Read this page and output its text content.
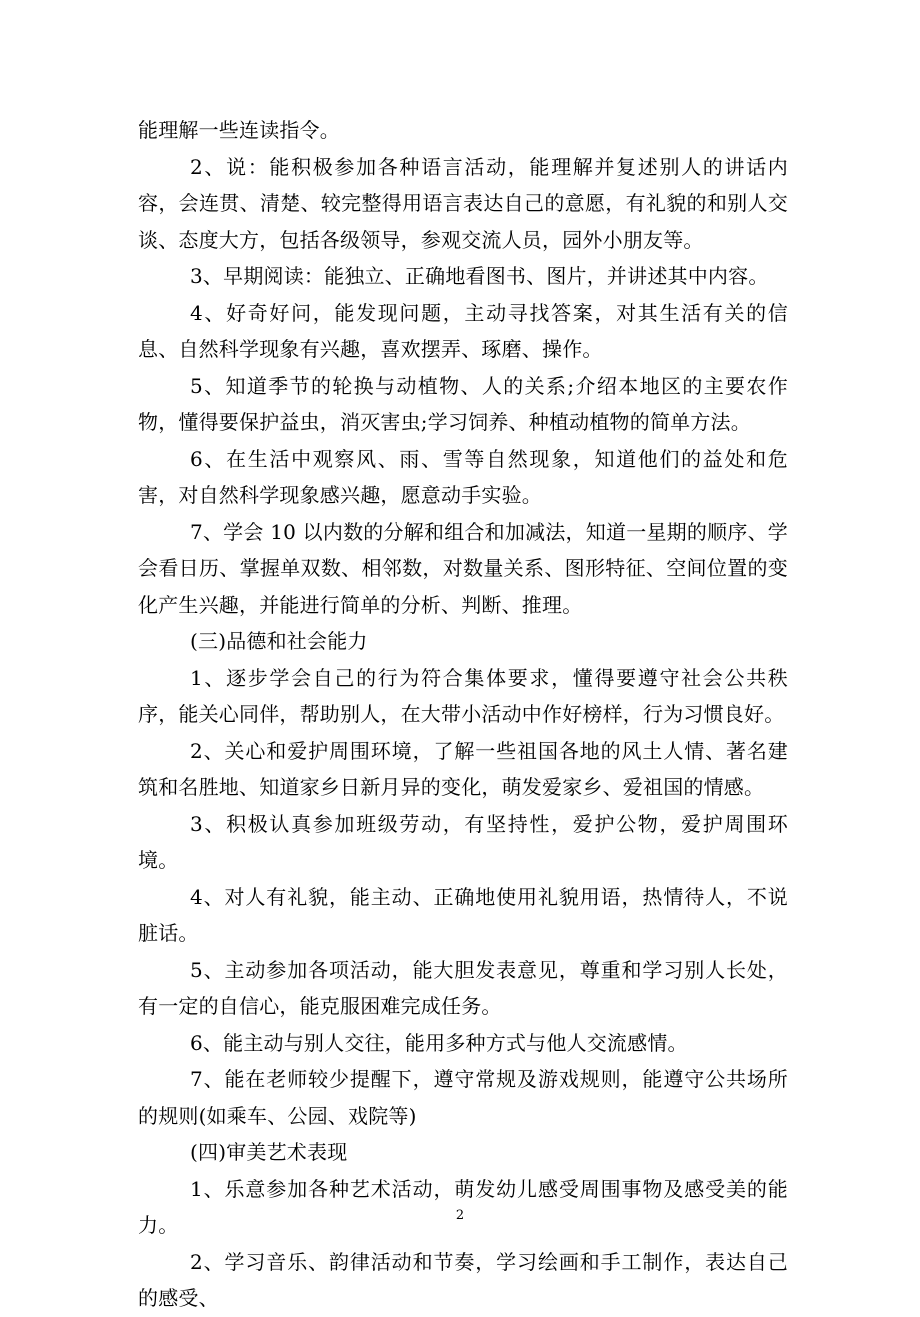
能理解一些连读指令。

2、说：能积极参加各种语言活动，能理解并复述别人的讲话内容，会连贯、清楚、较完整得用语言表达自己的意愿，有礼貌的和别人交谈、态度大方，包括各级领导，参观交流人员，园外小朋友等。

3、早期阅读：能独立、正确地看图书、图片，并讲述其中内容。

4、好奇好问，能发现问题，主动寻找答案，对其生活有关的信息、自然科学现象有兴趣，喜欢摆弄、琢磨、操作。

5、知道季节的轮换与动植物、人的关系;介绍本地区的主要农作物，懂得要保护益虫，消灭害虫;学习饲养、种植动植物的简单方法。

6、在生活中观察风、雨、雪等自然现象，知道他们的益处和危害，对自然科学现象感兴趣，愿意动手实验。

7、学会 10 以内数的分解和组合和加减法，知道一星期的顺序、学会看日历、掌握单双数、相邻数，对数量关系、图形特征、空间位置的变化产生兴趣，并能进行简单的分析、判断、推理。

(三)品德和社会能力

1、逐步学会自己的行为符合集体要求，懂得要遵守社会公共秩序，能关心同伴，帮助别人，在大带小活动中作好榜样，行为习惯良好。

2、关心和爱护周围环境，了解一些祖国各地的风土人情、著名建筑和名胜地、知道家乡日新月异的变化，萌发爱家乡、爱祖国的情感。

3、积极认真参加班级劳动，有坚持性，爱护公物，爱护周围环境。

4、对人有礼貌，能主动、正确地使用礼貌用语，热情待人，不说脏话。

5、主动参加各项活动，能大胆发表意见，尊重和学习别人长处，有一定的自信心，能克服困难完成任务。

6、能主动与别人交往，能用多种方式与他人交流感情。

7、能在老师较少提醒下，遵守常规及游戏规则，能遵守公共场所的规则(如乘车、公园、戏院等)

(四)审美艺术表现

1、乐意参加各种艺术活动，萌发幼儿感受周围事物及感受美的能力。

2、学习音乐、韵律活动和节奏，学习绘画和手工制作，表达自己的感受、

2
